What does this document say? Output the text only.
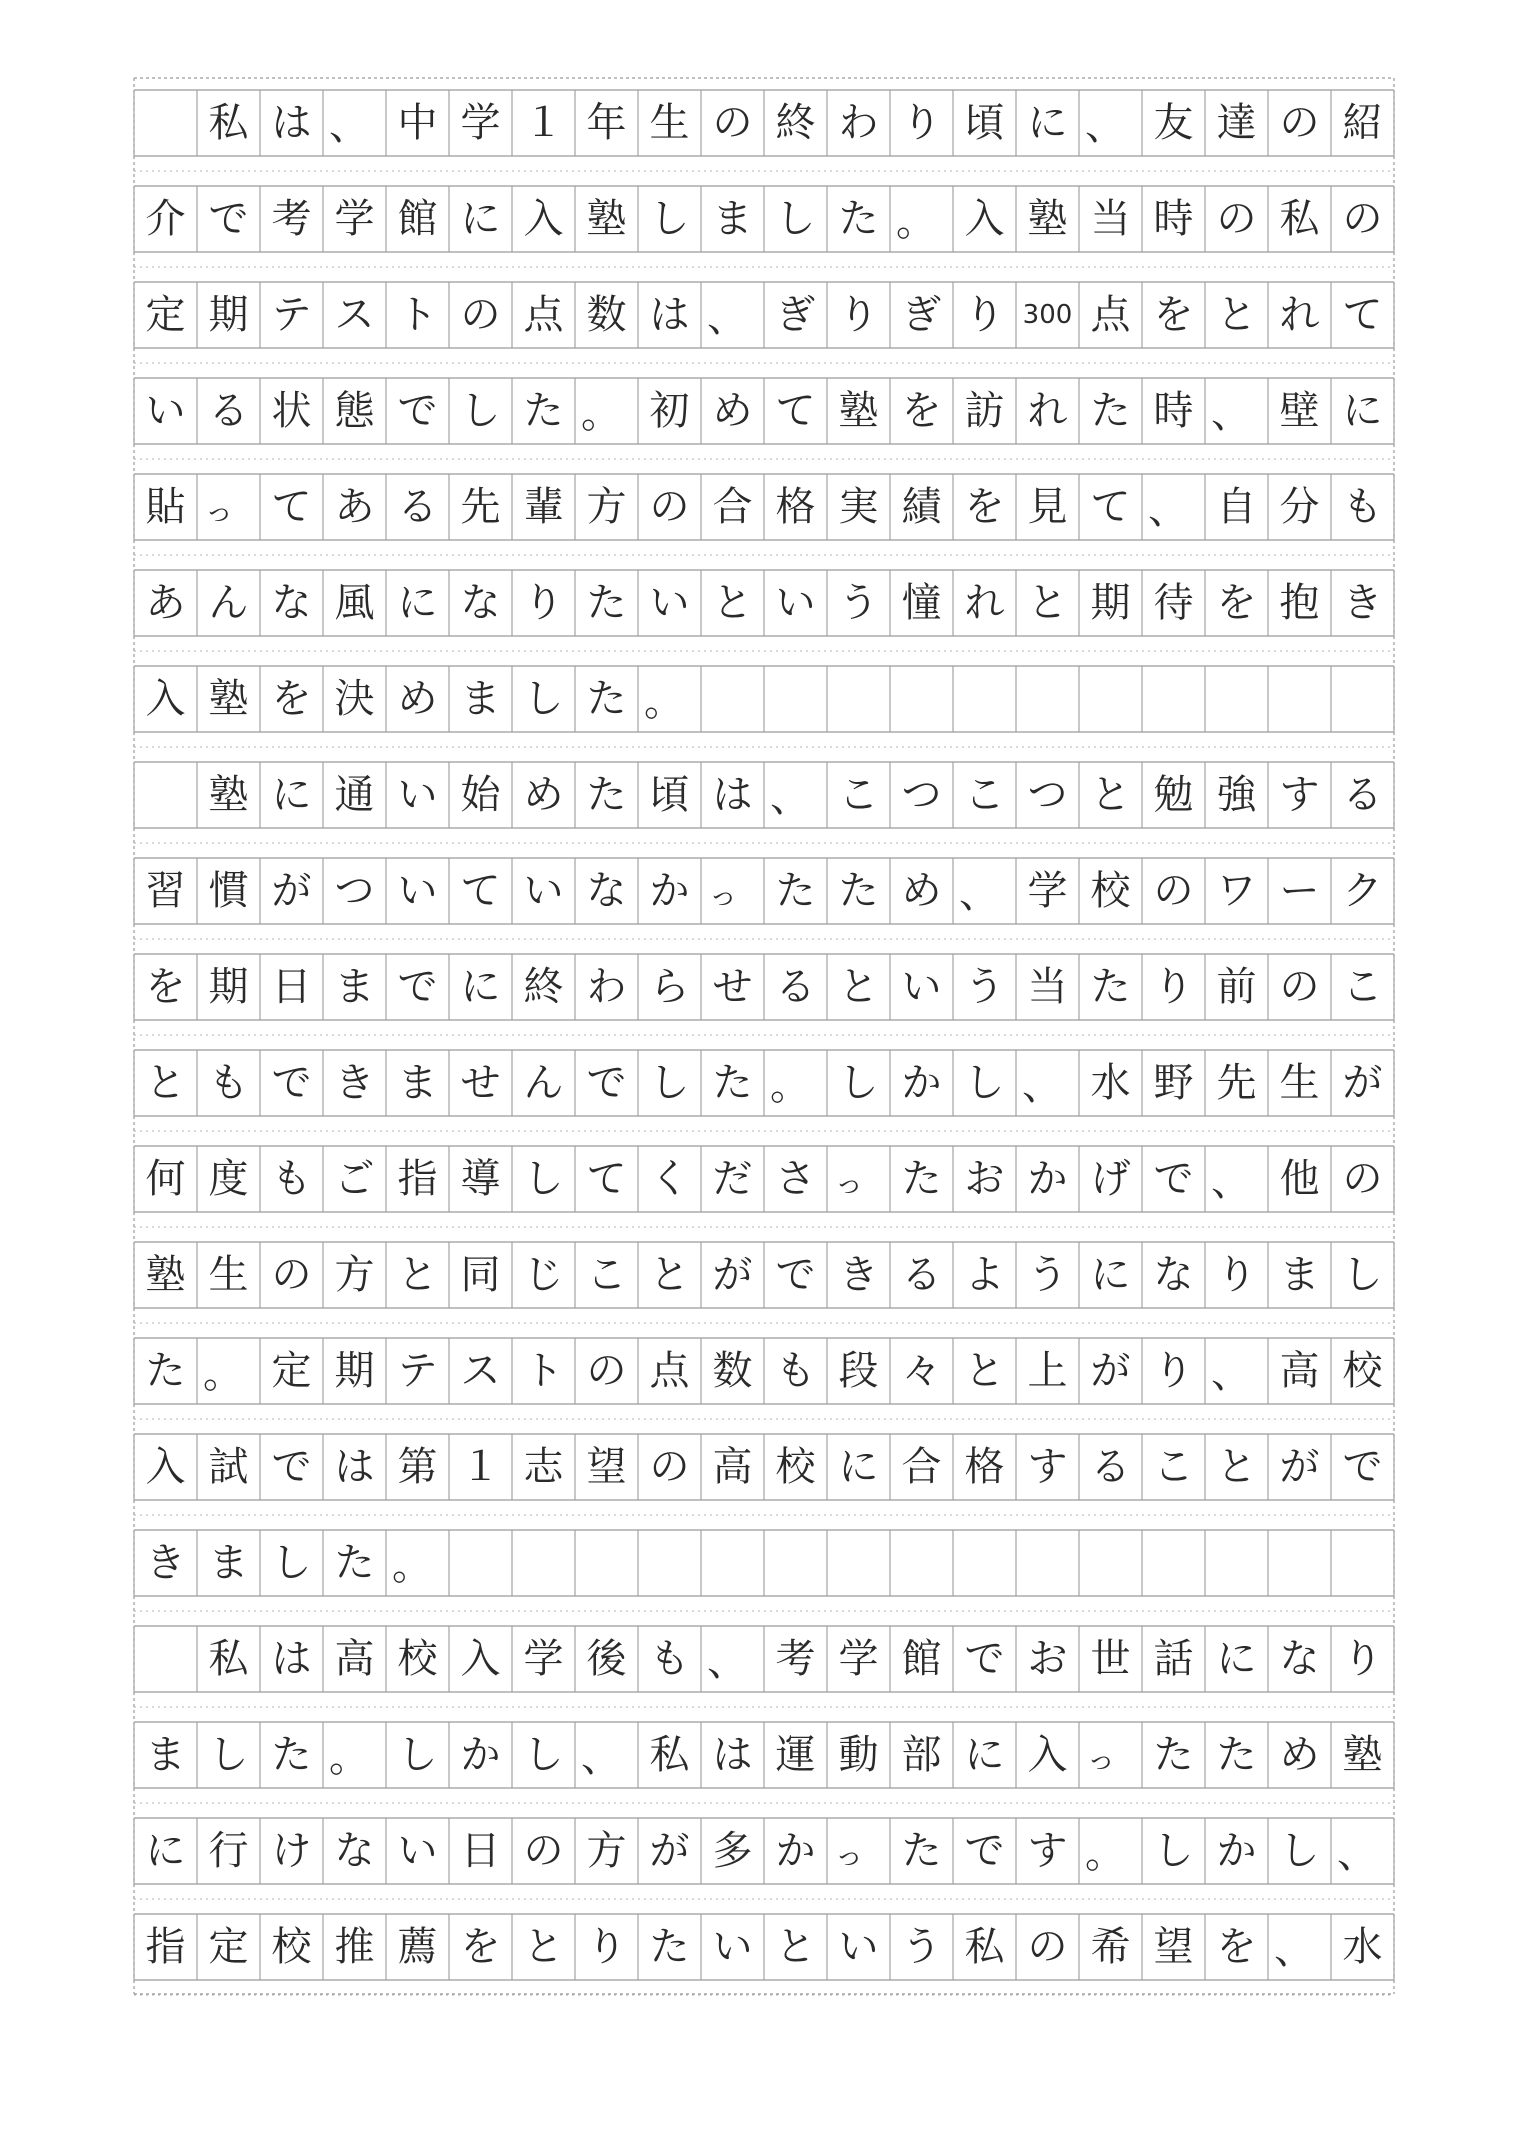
私 は 、 中 学 １ 年 生 の 終 わ り 頃 に 、 友 達 の 紹
介 で 考 学 館 に 入 塾 し ま し た 。 入 塾 当 時 の 私 の
定 期 テ ス ト の 点 数 は 、 ぎ り ぎ り 300 点 を と れ て
い る 状 態 で し た 。 初 め て 塾 を 訪 れ た 時 、 壁 に
貼 っ て あ る 先 輩 方 の 合 格 実 績 を 見 て 、 自 分 も
あ ん な 風 に な り た い と い う 憧 れ と 期 待 を 抱 き
入 塾 を 決 め ま し た 。
塾 に 通 い 始 め た 頃 は 、 こ つ こ つ と 勉 強 す る
習 慣 が つ い て い な か っ た た め 、 学 校 の ワ ー ク
を 期 日 ま で に 終 わ ら せ る と い う 当 た り 前 の こ
と も で き ま せ ん で し た 。 し か し 、 水 野 先 生 が
何 度 も ご 指 導 し て く だ さ っ た お か げ で 、 他 の
塾 生 の 方 と 同 じ こ と が で き る よ う に な り ま し
た 。 定 期 テ ス ト の 点 数 も 段 々 と 上 が り 、 高 校
入 試 で は 第 １ 志 望 の 高 校 に 合 格 す る こ と が で
き ま し た 。
私 は 高 校 入 学 後 も 、 考 学 館 で お 世 話 に な り
ま し た 。 し か し 、 私 は 運 動 部 に 入 っ た た め 塾
に 行 け な い 日 の 方 が 多 か っ た で す 。 し か し 、
指 定 校 推 薦 を と り た い と い う 私 の 希 望 を 、 水
